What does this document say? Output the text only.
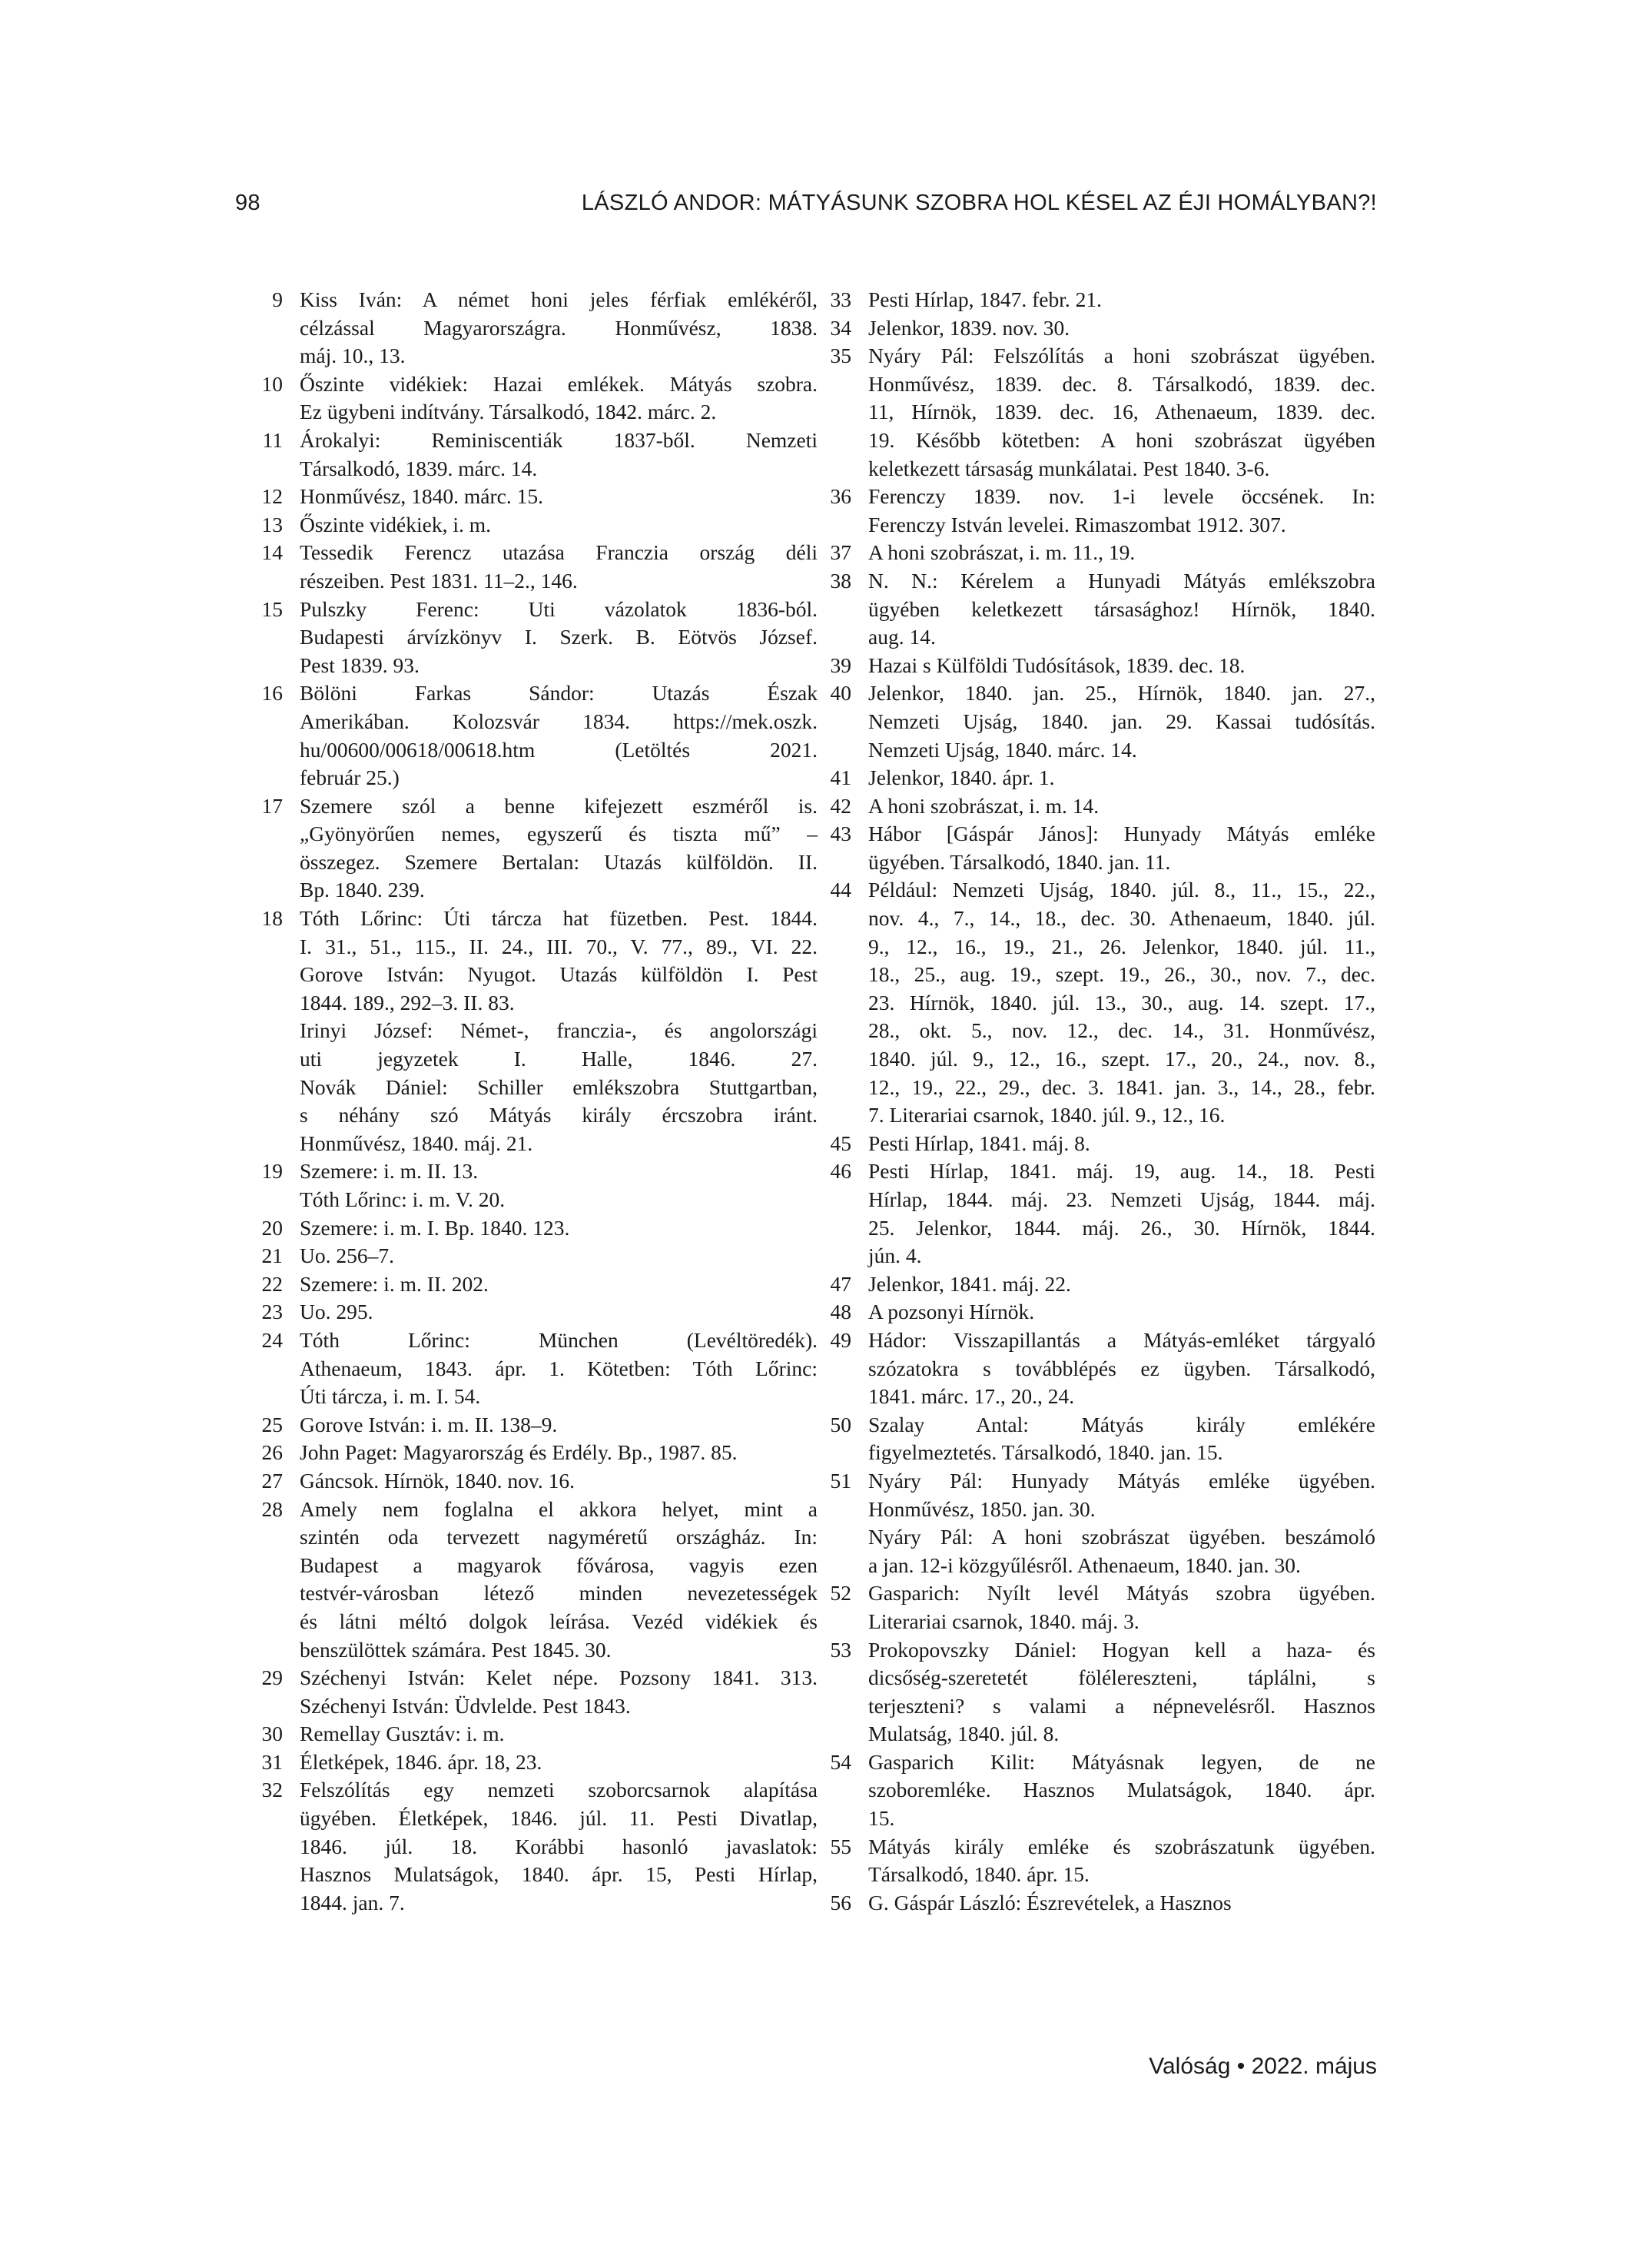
98	LÁSZLÓ ANDOR: MÁTYÁSUNK SZOBRA HOL KÉSEL AZ ÉJI HOMÁLYBAN?!
9 Kiss Iván: A német honi jeles férfiak emlékéről,
célzással Magyarországra. Honművész, 1838.
máj. 10., 13.
10 Őszinte vidékiek: Hazai emlékek. Mátyás szobra.
Ez ügybeni indítvány. Társalkodó, 1842. márc. 2.
11 Árokalyi: Reminiscentiák 1837-ből. Nemzeti
Társalkodó, 1839. márc. 14.
12 Honművész, 1840. márc. 15.
13 Őszinte vidékiek, i. m.
14 Tessedik Ferencz utazása Franczia ország déli
részeiben. Pest 1831. 11–2., 146.
15 Pulszky Ferenc: Uti vázolatok 1836-ból.
Budapesti árvízkönyv I. Szerk. B. Eötvös József.
Pest 1839. 93.
16 Bölöni Farkas Sándor: Utazás Észak
Amerikában. Kolozsvár 1834. https://mek.oszk.
hu/00600/00618/00618.htm (Letöltés 2021.
február 25.)
17 Szemere szól a benne kifejezett eszméről is.
„Gyönyörűen nemes, egyszerű és tiszta mű” –
összegez. Szemere Bertalan: Utazás külföldön. II.
Bp. 1840. 239.
18 Tóth Lőrinc: Úti tárcza hat füzetben. Pest. 1844.
I. 31., 51., 115., II. 24., III. 70., V. 77., 89., VI. 22.
Gorove István: Nyugot. Utazás külföldön I. Pest
1844. 189., 292–3. II. 83.
Irinyi József: Német-, franczia-, és angolországi
uti jegyzetek I. Halle, 1846. 27.
Novák Dániel: Schiller emlékszobra Stuttgartban,
s néhány szó Mátyás király ércszobra iránt.
Honművész, 1840. máj. 21.
19 Szemere: i. m. II. 13.
Tóth Lőrinc: i. m. V. 20.
20 Szemere: i. m. I. Bp. 1840. 123.
21 Uo. 256–7.
22 Szemere: i. m. II. 202.
23 Uo. 295.
24 Tóth Lőrinc: München (Levéltöredék).
Athenaeum, 1843. ápr. 1. Kötetben: Tóth Lőrinc:
Úti tárcza, i. m. I. 54.
25 Gorove István: i. m. II. 138–9.
26 John Paget: Magyarország és Erdély. Bp., 1987. 85.
27 Gáncsok. Hírnök, 1840. nov. 16.
28 Amely nem foglalna el akkora helyet, mint a
szintén oda tervezett nagyméretű országház. In:
Budapest a magyarok fővárosa, vagyis ezen
testvér-városban létező minden nevezetességek
és látni méltó dolgok leírása. Vezéd vidékiek és
benszülöttek számára. Pest 1845. 30.
29 Széchenyi István: Kelet népe. Pozsony 1841. 313.
Széchenyi István: Üdvlelde. Pest 1843.
30 Remellay Gusztáv: i. m.
31 Életképek, 1846. ápr. 18, 23.
32 Felszólítás egy nemzeti szoborcsarnok alapítása
ügyében. Életképek, 1846. júl. 11. Pesti Divatlap,
1846. júl. 18. Korábbi hasonló javaslatok:
Hasznos Mulatságok, 1840. ápr. 15, Pesti Hírlap,
1844. jan. 7.
33 Pesti Hírlap, 1847. febr. 21.
34 Jelenkor, 1839. nov. 30.
35 Nyáry Pál: Felszólítás a honi szobrászat ügyében.
Honművész, 1839. dec. 8. Társalkodó, 1839. dec.
11, Hírnök, 1839. dec. 16, Athenaeum, 1839. dec.
19. Később kötetben: A honi szobrászat ügyében
keletkezett társaság munkálatai. Pest 1840. 3-6.
36 Ferenczy 1839. nov. 1-i levele öccsének. In:
Ferenczy István levelei. Rimaszombat 1912. 307.
37 A honi szobrászat, i. m. 11., 19.
38 N. N.: Kérelem a Hunyadi Mátyás emlékszobra
ügyében keletkezett társasághoz! Hírnök, 1840.
aug. 14.
39 Hazai s Külföldi Tudósítások, 1839. dec. 18.
40 Jelenkor, 1840. jan. 25., Hírnök, 1840. jan. 27.,
Nemzeti Ujság, 1840. jan. 29. Kassai tudósítás.
Nemzeti Ujság, 1840. márc. 14.
41 Jelenkor, 1840. ápr. 1.
42 A honi szobrászat, i. m. 14.
43 Hábor [Gáspár János]: Hunyady Mátyás emléke
ügyében. Társalkodó, 1840. jan. 11.
44 Például: Nemzeti Ujság, 1840. júl. 8., 11., 15., 22.,
nov. 4., 7., 14., 18., dec. 30. Athenaeum, 1840. júl.
9., 12., 16., 19., 21., 26. Jelenkor, 1840. júl. 11.,
18., 25., aug. 19., szept. 19., 26., 30., nov. 7., dec.
23. Hírnök, 1840. júl. 13., 30., aug. 14. szept. 17.,
28., okt. 5., nov. 12., dec. 14., 31. Honművész,
1840. júl. 9., 12., 16., szept. 17., 20., 24., nov. 8.,
12., 19., 22., 29., dec. 3. 1841. jan. 3., 14., 28., febr.
7. Literariai csarnok, 1840. júl. 9., 12., 16.
45 Pesti Hírlap, 1841. máj. 8.
46 Pesti Hírlap, 1841. máj. 19, aug. 14., 18. Pesti
Hírlap, 1844. máj. 23. Nemzeti Ujság, 1844. máj.
25. Jelenkor, 1844. máj. 26., 30. Hírnök, 1844.
jún. 4.
47 Jelenkor, 1841. máj. 22.
48 A pozsonyi Hírnök.
49 Hádor: Visszapillantás a Mátyás-emléket tárgyaló
szózatokra s továbblépés ez ügyben. Társalkodó,
1841. márc. 17., 20., 24.
50 Szalay Antal: Mátyás király emlékére
figyelmeztetés. Társalkodó, 1840. jan. 15.
51 Nyáry Pál: Hunyady Mátyás emléke ügyében.
Honművész, 1850. jan. 30.
Nyáry Pál: A honi szobrászat ügyében. beszámoló
a jan. 12-i közgyűlésről. Athenaeum, 1840. jan. 30.
52 Gasparich: Nyílt levél Mátyás szobra ügyében.
Literariai csarnok, 1840. máj. 3.
53 Prokopovszky Dániel: Hogyan kell a haza- és
dicsőség-szeretetét fölélereszteni, táplálni, s
terjeszteni? s valami a népnevelésről. Hasznos
Mulatság, 1840. júl. 8.
54 Gasparich Kilit: Mátyásnak legyen, de ne
szoboremléke. Hasznos Mulatságok, 1840. ápr.
15.
55 Mátyás király emléke és szobrászatunk ügyében.
Társalkodó, 1840. ápr. 15.
56 G. Gáspár László: Észrevételek, a Hasznos
Valóság • 2022. május
